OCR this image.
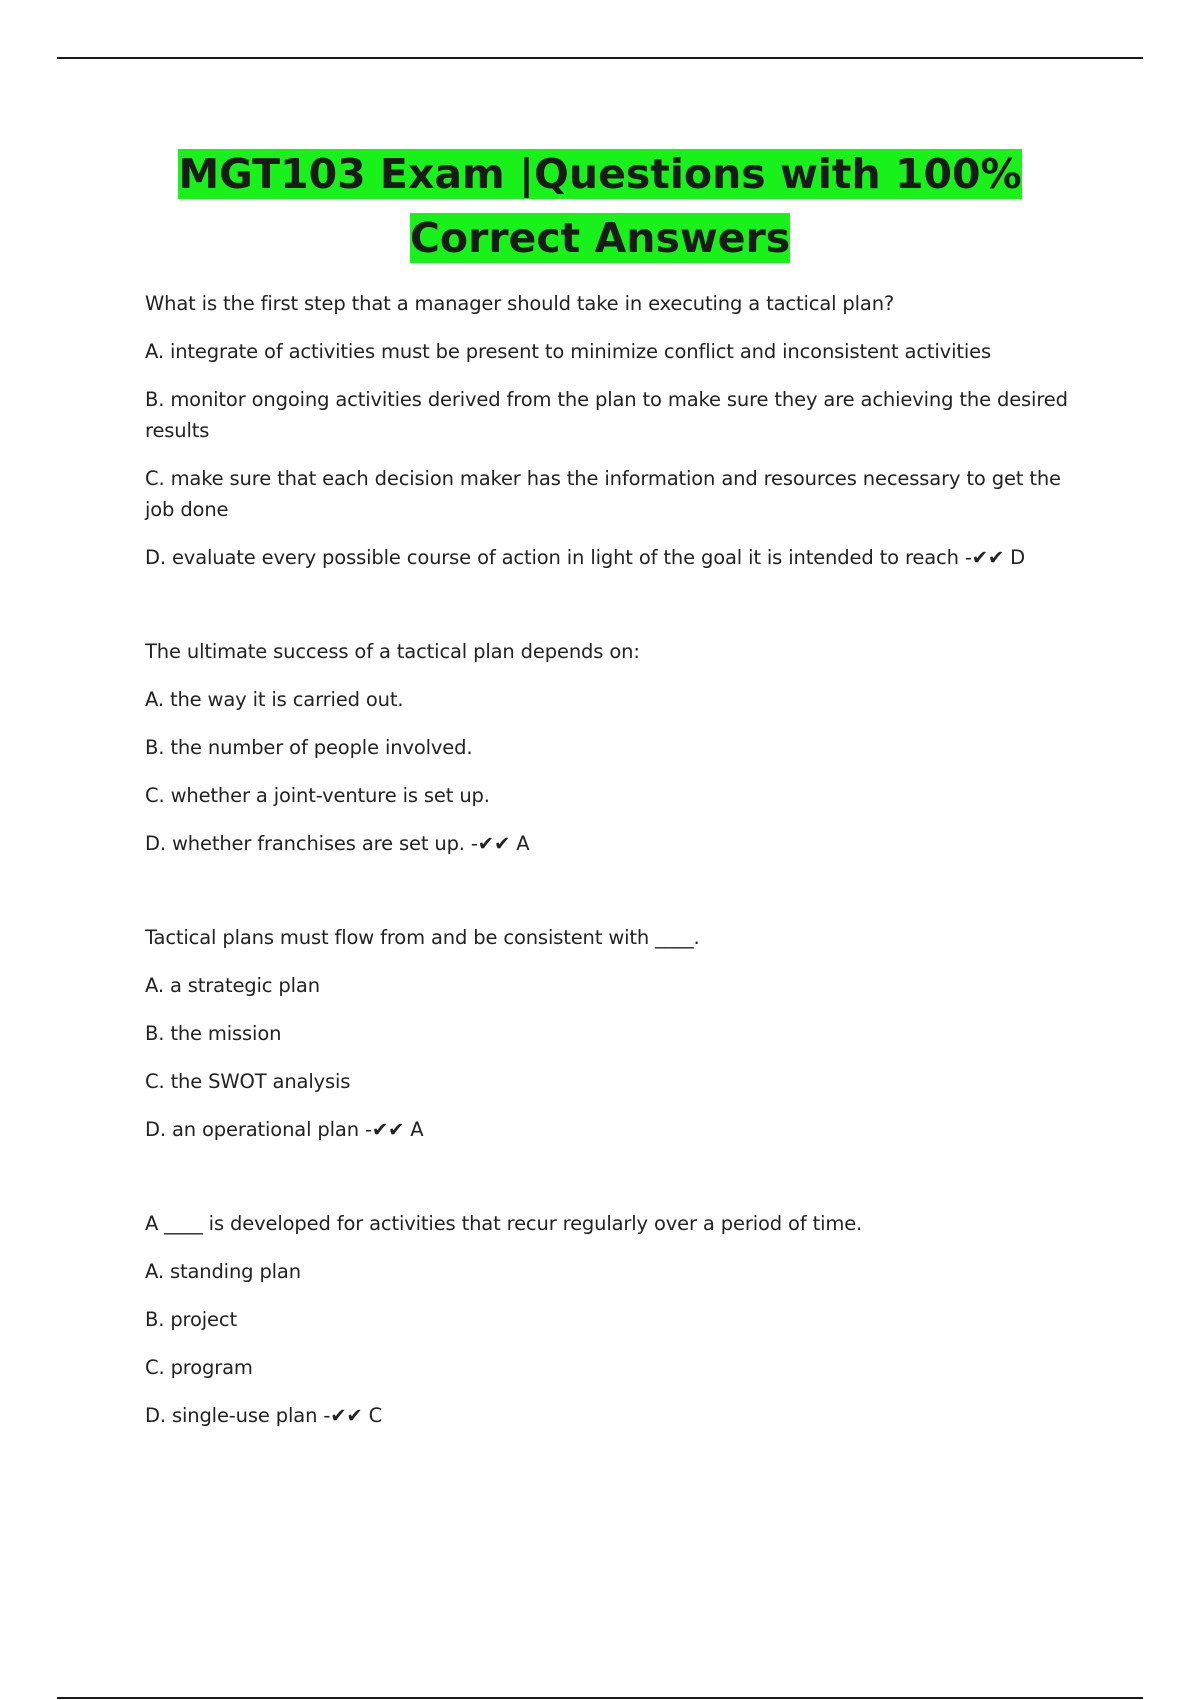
MGT103 Exam |Questions with 100% Correct Answers

What is the first step that a manager should take in executing a tactical plan?

A. integrate of activities must be present to minimize conflict and inconsistent activities

B. monitor ongoing activities derived from the plan to make sure they are achieving the desired results

C. make sure that each decision maker has the information and resources necessary to get the job done

D. evaluate every possible course of action in light of the goal it is intended to reach -✔✔ D

The ultimate success of a tactical plan depends on:

A. the way it is carried out.

B. the number of people involved.

C. whether a joint-venture is set up.

D. whether franchises are set up. -✔✔ A

Tactical plans must flow from and be consistent with ____.

A. a strategic plan

B. the mission

C. the SWOT analysis

D. an operational plan -✔✔ A

A ____ is developed for activities that recur regularly over a period of time.

A. standing plan

B. project

C. program

D. single-use plan -✔✔ C
